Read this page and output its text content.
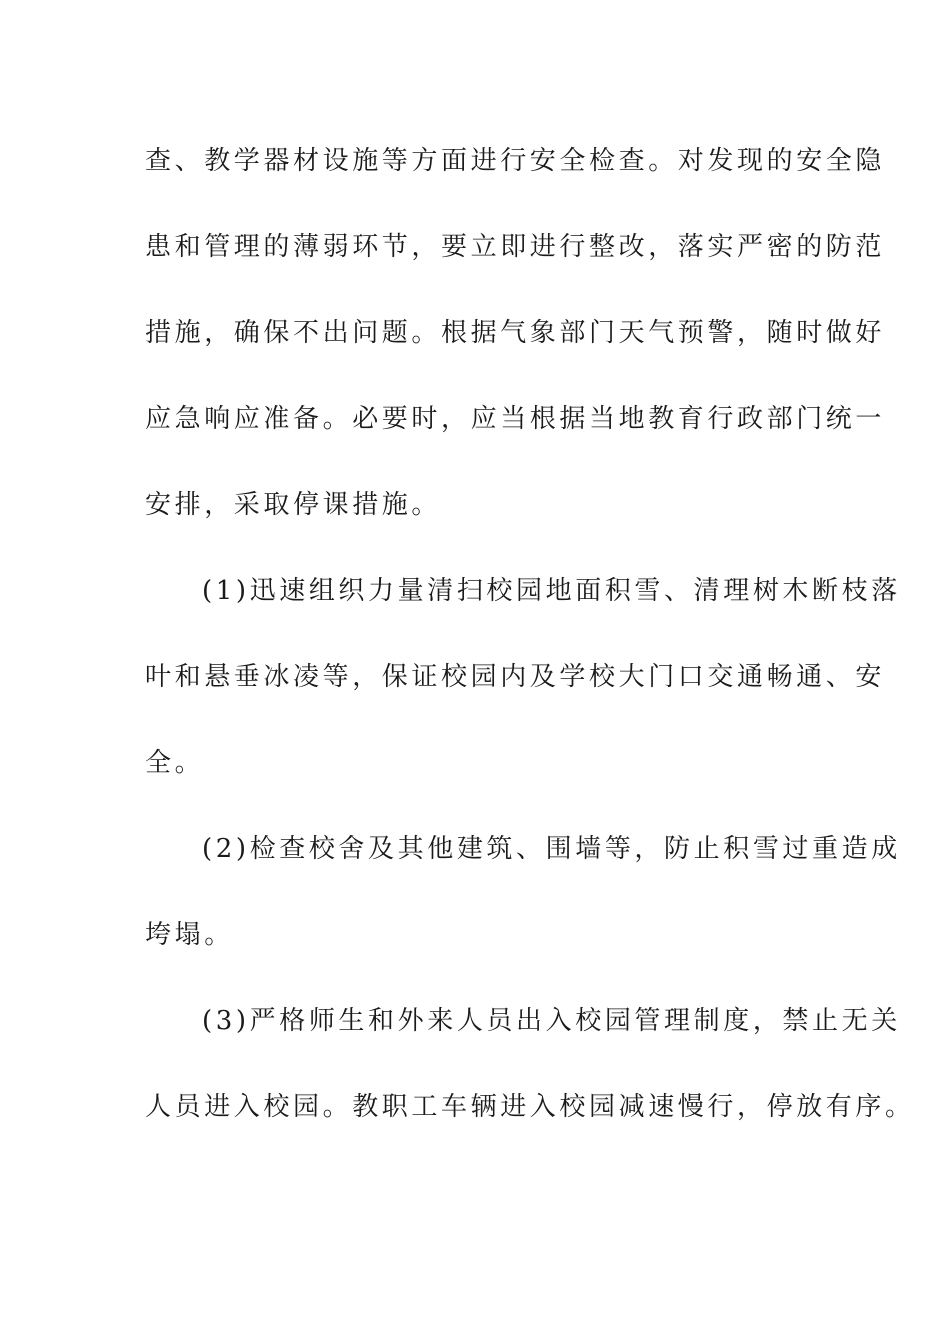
查、教学器材设施等方面进行安全检查。对发现的安全隐
患和管理的薄弱环节，要立即进行整改，落实严密的防范
措施，确保不出问题。根据气象部门天气预警，随时做好
应急响应准备。必要时，应当根据当地教育行政部门统一
安排，采取停课措施。
(1)迅速组织力量清扫校园地面积雪、清理树木断枝落
叶和悬垂冰凌等，保证校园内及学校大门口交通畅通、安
全。
(2)检查校舍及其他建筑、围墙等，防止积雪过重造成
垮塌。
(3)严格师生和外来人员出入校园管理制度，禁止无关
人员进入校园。教职工车辆进入校园减速慢行，停放有序。
